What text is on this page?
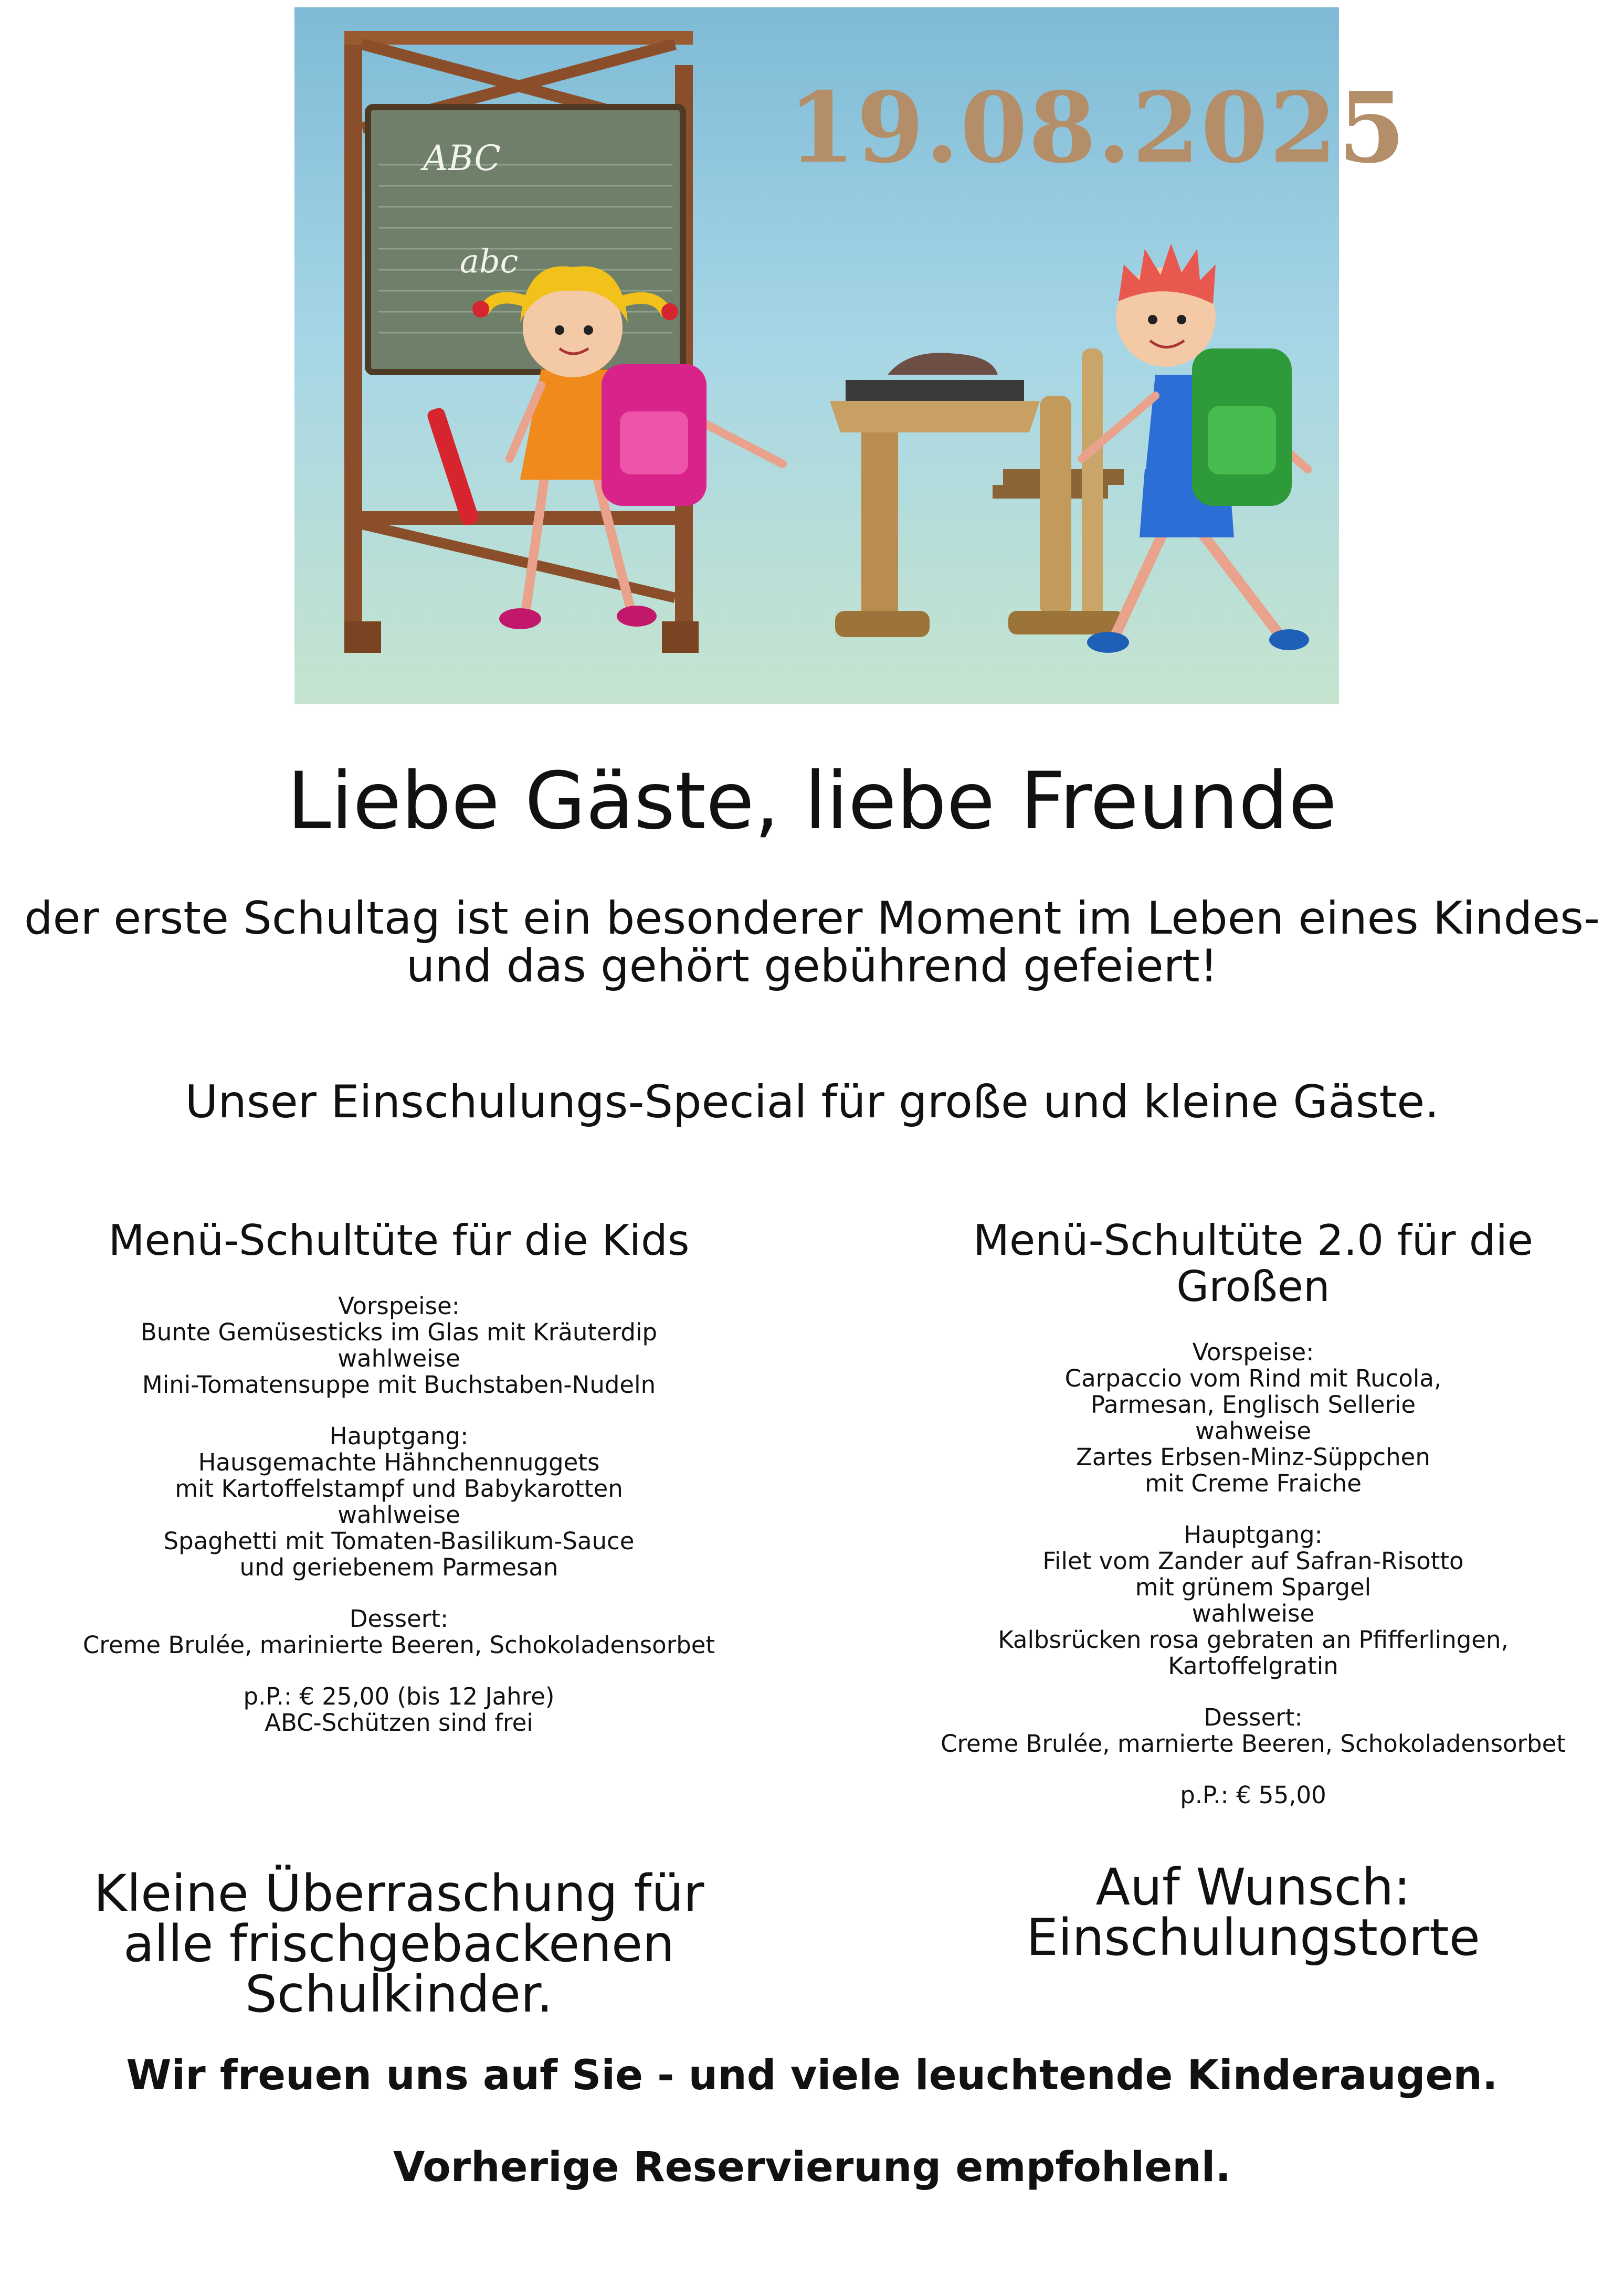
ABC
abc
19.08.2025
Liebe Gäste, liebe Freunde
der erste Schultag ist ein besonderer Moment im Leben eines Kindes-
und das gehört gebührend gefeiert!
Unser Einschulungs-Special für große und kleine Gäste.
Menü-Schultüte für die Kids
Vorspeise:
Bunte Gemüsesticks im Glas mit Kräuterdip
wahlweise
Mini-Tomatensuppe mit Buchstaben-Nudeln
Hauptgang:
Hausgemachte Hähnchennuggets
mit Kartoffelstampf und Babykarotten
wahlweise
Spaghetti mit Tomaten-Basilikum-Sauce
und geriebenem Parmesan
Dessert:
Creme Brulée, marinierte Beeren, Schokoladensorbet
p.P.: € 25,00 (bis 12 Jahre)
ABC-Schützen sind frei
Menü-Schultüte 2.0 für die Großen
Vorspeise:
Carpaccio vom Rind mit Rucola,
Parmesan, Englisch Sellerie
wahweise
Zartes Erbsen-Minz-Süppchen
mit Creme Fraiche
Hauptgang:
Filet vom Zander auf Safran-Risotto
mit grünem Spargel
wahlweise
Kalbsrücken rosa gebraten an Pfifferlingen,
Kartoffelgratin
Dessert:
Creme Brulée, marnierte Beeren, Schokoladensorbet
p.P.: € 55,00
Kleine Überraschung für
alle frischgebackenen
Schulkinder.
Auf Wunsch:
Einschulungstorte
Wir freuen uns auf Sie - und viele leuchtende Kinderaugen.
Vorherige Reservierung empfohlenl.
